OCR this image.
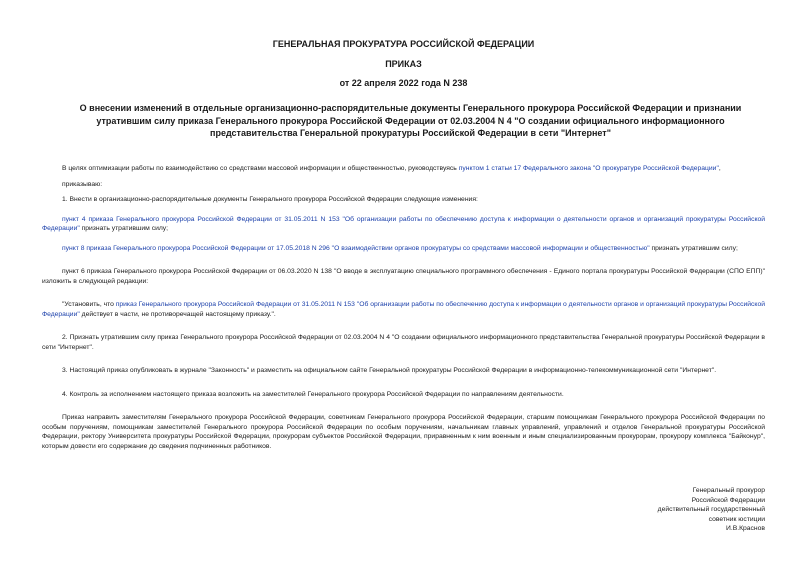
ГЕНЕРАЛЬНАЯ ПРОКУРАТУРА РОССИЙСКОЙ ФЕДЕРАЦИИ
ПРИКАЗ
от 22 апреля 2022 года N 238
О внесении изменений в отдельные организационно-распорядительные документы Генерального прокурора Российской Федерации и признании утратившим силу приказа Генерального прокурора Российской Федерации от 02.03.2004 N 4 "О создании официального информационного представительства Генеральной прокуратуры Российской Федерации в сети "Интернет"

В целях оптимизации работы по взаимодействию со средствами массовой информации и общественностью, руководствуясь пунктом 1 статьи 17 Федерального закона "О прокуратуре Российской Федерации",

приказываю:

1. Внести в организационно-распорядительные документы Генерального прокурора Российской Федерации следующие изменения:

пункт 4 приказа Генерального прокурора Российской Федерации от 31.05.2011 N 153 "Об организации работы по обеспечению доступа к информации о деятельности органов и организаций прокуратуры Российской Федерации" признать утратившим силу;

пункт 8 приказа Генерального прокурора Российской Федерации от 17.05.2018 N 296 "О взаимодействии органов прокуратуры со средствами массовой информации и общественностью" признать утратившим силу;

пункт 6 приказа Генерального прокурора Российской Федерации от 06.03.2020 N 138 "О вводе в эксплуатацию специального программного обеспечения - Единого портала прокуратуры Российской Федерации (СПО ЕПП)" изложить в следующей редакции:

"Установить, что приказ Генерального прокурора Российской Федерации от 31.05.2011 N 153 "Об организации работы по обеспечению доступа к информации о деятельности органов и организаций прокуратуры Российской Федерации" действует в части, не противоречащей настоящему приказу.".

2. Признать утратившим силу приказ Генерального прокурора Российской Федерации от 02.03.2004 N 4 "О создании официального информационного представительства Генеральной прокуратуры Российской Федерации в сети "Интернет".

3. Настоящий приказ опубликовать в журнале "Законность" и разместить на официальном сайте Генеральной прокуратуры Российской Федерации в информационно-телекоммуникационной сети "Интернет".

4. Контроль за исполнением настоящего приказа возложить на заместителей Генерального прокурора Российской Федерации по направлениям деятельности.

Приказ направить заместителям Генерального прокурора Российской Федерации, советникам Генерального прокурора Российской Федерации, старшим помощникам Генерального прокурора Российской Федерации по особым поручениям, помощникам заместителей Генерального прокурора Российской Федерации по особым поручениям, начальникам главных управлений, управлений и отделов Генеральной прокуратуры Российской Федерации, ректору Университета прокуратуры Российской Федерации, прокурорам субъектов Российской Федерации, приравненным к ним военным и иным специализированным прокурорам, прокурору комплекса "Байконур", которым довести его содержание до сведения подчиненных работников.

Генеральный прокурор
Российской Федерации
действительный государственный
советник юстиции
И.В.Краснов
